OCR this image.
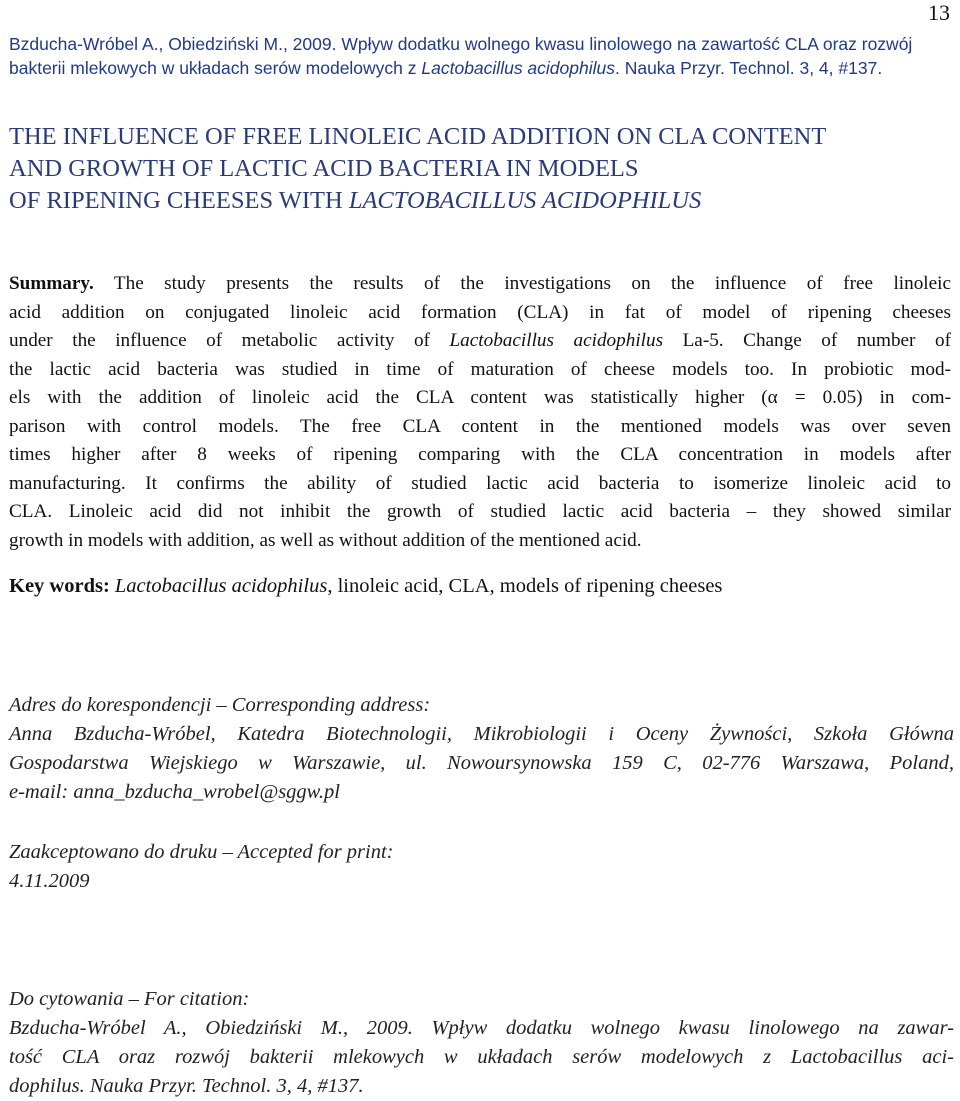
13
Bzducha-Wróbel A., Obiedziński M., 2009. Wpływ dodatku wolnego kwasu linolowego na zawartość CLA oraz rozwój
bakterii mlekowych w układach serów modelowych z Lactobacillus acidophilus. Nauka Przyr. Technol. 3, 4, #137.
THE INFLUENCE OF FREE LINOLEIC ACID ADDITION ON CLA CONTENT
AND GROWTH OF LACTIC ACID BACTERIA IN MODELS
OF RIPENING CHEESES WITH LACTOBACILLUS ACIDOPHILUS
Summary. The study presents the results of the investigations on the influence of free linoleic
acid addition on conjugated linoleic acid formation (CLA) in fat of model of ripening cheeses
under the influence of metabolic activity of Lactobacillus acidophilus La-5. Change of number of
the lactic acid bacteria was studied in time of maturation of cheese models too. In probiotic mod-
els with the addition of linoleic acid the CLA content was statistically higher (α = 0.05) in com-
parison with control models. The free CLA content in the mentioned models was over seven
times higher after 8 weeks of ripening comparing with the CLA concentration in models after
manufacturing. It confirms the ability of studied lactic acid bacteria to isomerize linoleic acid to
CLA. Linoleic acid did not inhibit the growth of studied lactic acid bacteria – they showed similar
growth in models with addition, as well as without addition of the mentioned acid.
Key words: Lactobacillus acidophilus, linoleic acid, CLA, models of ripening cheeses
Adres do korespondencji – Corresponding address:
Anna Bzducha-Wróbel, Katedra Biotechnologii, Mikrobiologii i Oceny Żywności, Szkoła Główna
Gospodarstwa Wiejskiego w Warszawie, ul. Nowoursynowska 159 C, 02-776 Warszawa, Poland,
e-mail: anna_bzducha_wrobel@sggw.pl
Zaakceptowano do druku – Accepted for print:
4.11.2009
Do cytowania – For citation:
Bzducha-Wróbel A., Obiedziński M., 2009. Wpływ dodatku wolnego kwasu linolowego na zawar-
tość CLA oraz rozwój bakterii mlekowych w układach serów modelowych z Lactobacillus aci-
dophilus. Nauka Przyr. Technol. 3, 4, #137.
